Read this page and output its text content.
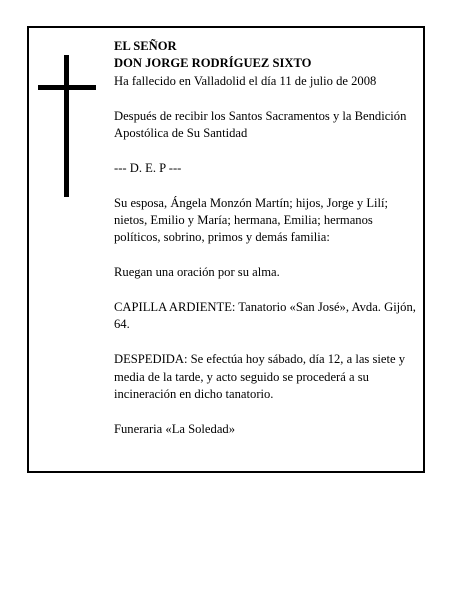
EL SEÑOR

DON JORGE RODRÍGUEZ SIXTO

Ha fallecido en Valladolid el día 11 de julio de 2008

Después de recibir los Santos Sacramentos y la Bendición Apostólica de Su Santidad

--- D. E. P ---

Su esposa, Ángela Monzón Martín; hijos, Jorge y Lilí; nietos, Emilio y María; hermana, Emilia; hermanos políticos, sobrino, primos y demás familia:

Ruegan una oración por su alma.

CAPILLA ARDIENTE: Tanatorio «San José», Avda. Gijón, 64.

DESPEDIDA: Se efectúa hoy sábado, día 12, a las siete y media de la tarde, y acto seguido se procederá a su incineración en dicho tanatorio.

Funeraria «La Soledad»
